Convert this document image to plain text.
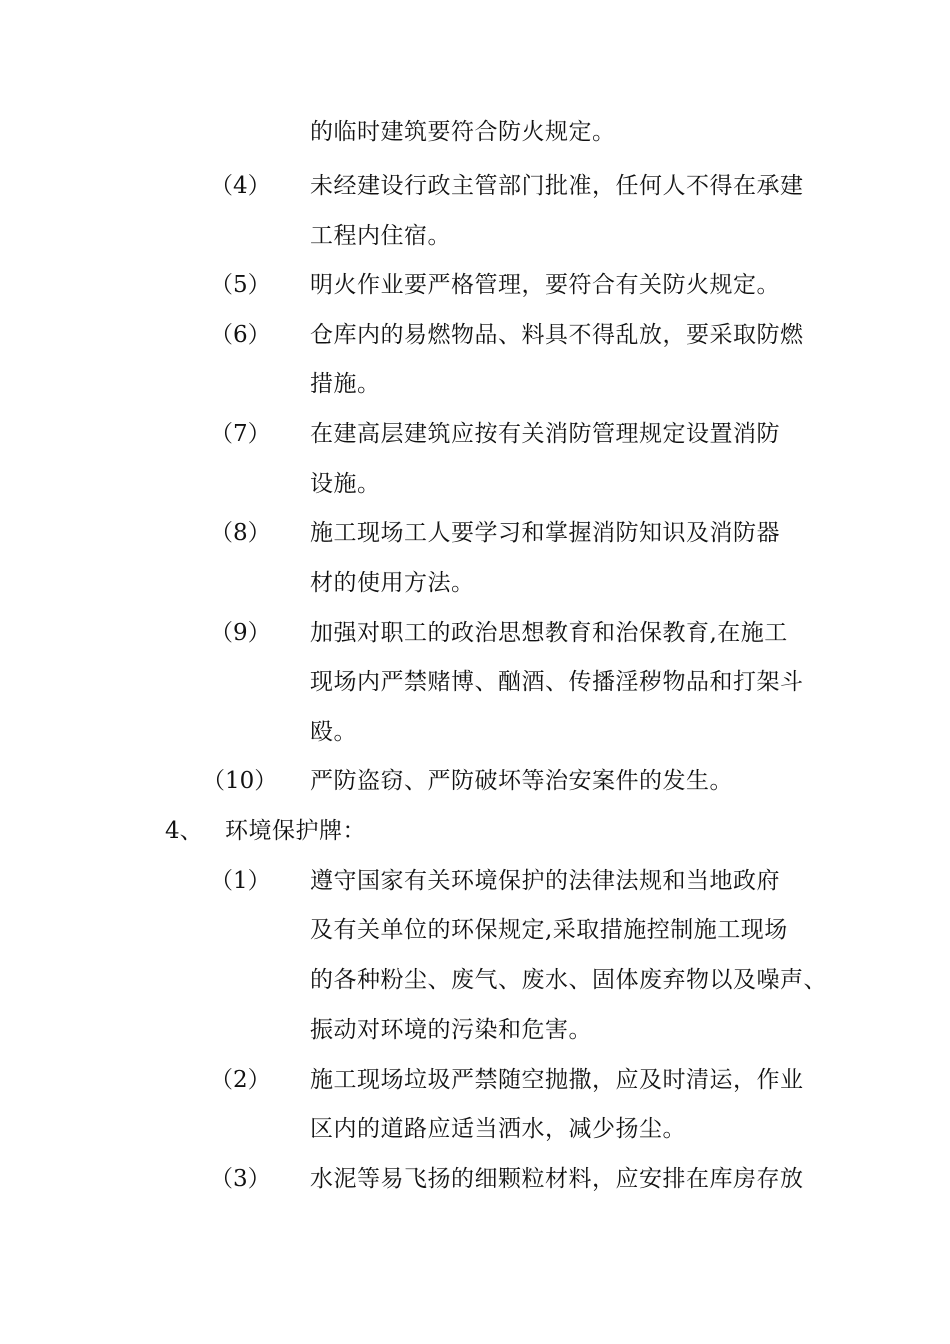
的临时建筑要符合防火规定。
（4） 未经建设行政主管部门批准，任何人不得在承建
工程内住宿。
（5） 明火作业要严格管理，要符合有关防火规定。
（6） 仓库内的易燃物品、料具不得乱放，要采取防燃
措施。
（7） 在建高层建筑应按有关消防管理规定设置消防
设施。
（8） 施工现场工人要学习和掌握消防知识及消防器
材的使用方法。
（9） 加强对职工的政治思想教育和治保教育,在施工
现场内严禁赌博、酗酒、传播淫秽物品和打架斗
殴。
（10） 严防盗窃、严防破坏等治安案件的发生。
4、 环境保护牌：
（1） 遵守国家有关环境保护的法律法规和当地政府
及有关单位的环保规定,采取措施控制施工现场
的各种粉尘、废气、废水、固体废弃物以及噪声、
振动对环境的污染和危害。
（2） 施工现场垃圾严禁随空抛撒，应及时清运，作业
区内的道路应适当洒水，减少扬尘。
（3） 水泥等易飞扬的细颗粒材料，应安排在库房存放
